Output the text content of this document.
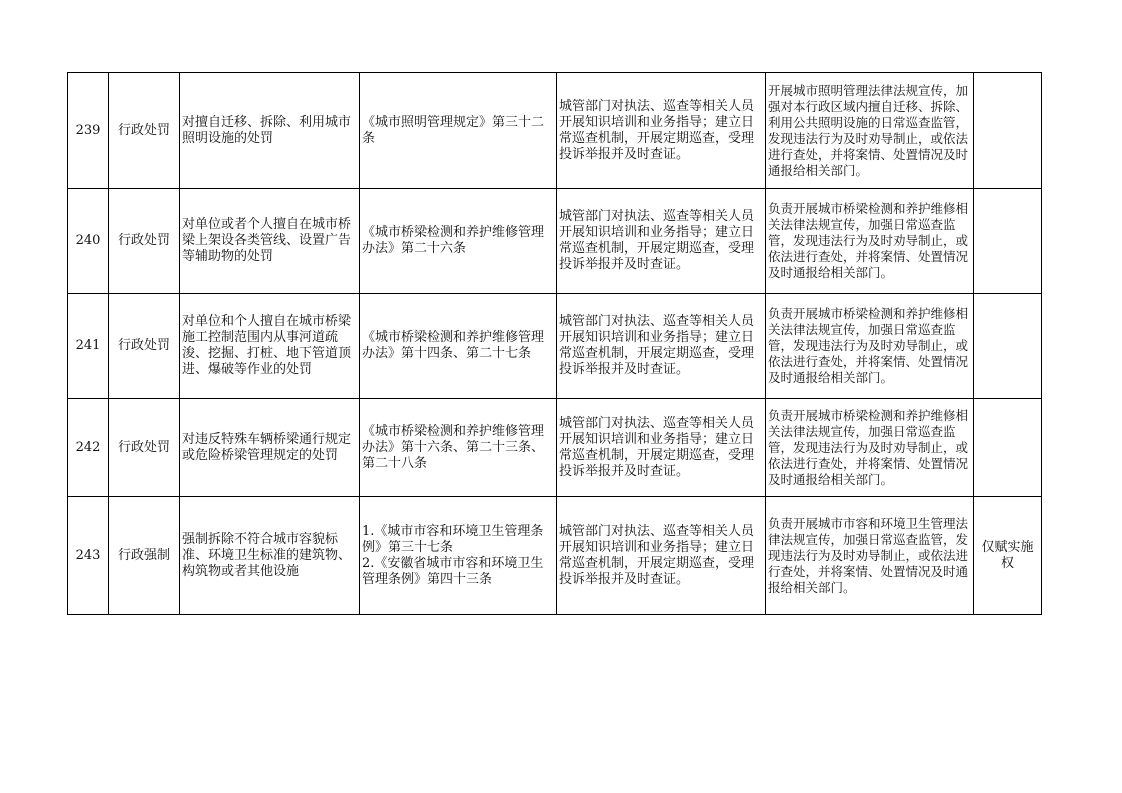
239	行政处罚	对擅自迁移、拆除、利用城市照明设施的处罚	《城市照明管理规定》第三十二条	城管部门对执法、巡查等相关人员开展知识培训和业务指导；建立日常巡查机制，开展定期巡查，受理投诉举报并及时查证。	开展城市照明管理法律法规宣传，加强对本行政区域内擅自迁移、拆除、利用公共照明设施的日常巡查监管，发现违法行为及时劝导制止，或依法进行查处，并将案情、处置情况及时通报给相关部门。	
240	行政处罚	对单位或者个人擅自在城市桥梁上架设各类管线、设置广告等辅助物的处罚	《城市桥梁检测和养护维修管理办法》第二十六条	城管部门对执法、巡查等相关人员开展知识培训和业务指导；建立日常巡查机制，开展定期巡查，受理投诉举报并及时查证。	负责开展城市桥梁检测和养护维修相关法律法规宣传，加强日常巡查监管，发现违法行为及时劝导制止，或依法进行查处，并将案情、处置情况及时通报给相关部门。	
241	行政处罚	对单位和个人擅自在城市桥梁施工控制范围内从事河道疏浚、挖掘、打桩、地下管道顶进、爆破等作业的处罚	《城市桥梁检测和养护维修管理办法》第十四条、第二十七条	城管部门对执法、巡查等相关人员开展知识培训和业务指导；建立日常巡查机制，开展定期巡查，受理投诉举报并及时查证。	负责开展城市桥梁检测和养护维修相关法律法规宣传，加强日常巡查监管，发现违法行为及时劝导制止，或依法进行查处，并将案情、处置情况及时通报给相关部门。	
242	行政处罚	对违反特殊车辆桥梁通行规定或危险桥梁管理规定的处罚	《城市桥梁检测和养护维修管理办法》第十六条、第二十三条、第二十八条	城管部门对执法、巡查等相关人员开展知识培训和业务指导；建立日常巡查机制，开展定期巡查，受理投诉举报并及时查证。	负责开展城市桥梁检测和养护维修相关法律法规宣传，加强日常巡查监管，发现违法行为及时劝导制止，或依法进行查处，并将案情、处置情况及时通报给相关部门。	
243	行政强制	强制拆除不符合城市容貌标准、环境卫生标准的建筑物、构筑物或者其他设施	1.《城市市容和环境卫生管理条例》第三十七条
2.《安徽省城市市容和环境卫生管理条例》第四十三条	城管部门对执法、巡查等相关人员开展知识培训和业务指导；建立日常巡查机制，开展定期巡查，受理投诉举报并及时查证。	负责开展城市市容和环境卫生管理法律法规宣传，加强日常巡查监管，发现违法行为及时劝导制止，或依法进行查处，并将案情、处置情况及时通报给相关部门。	仅赋实施权
